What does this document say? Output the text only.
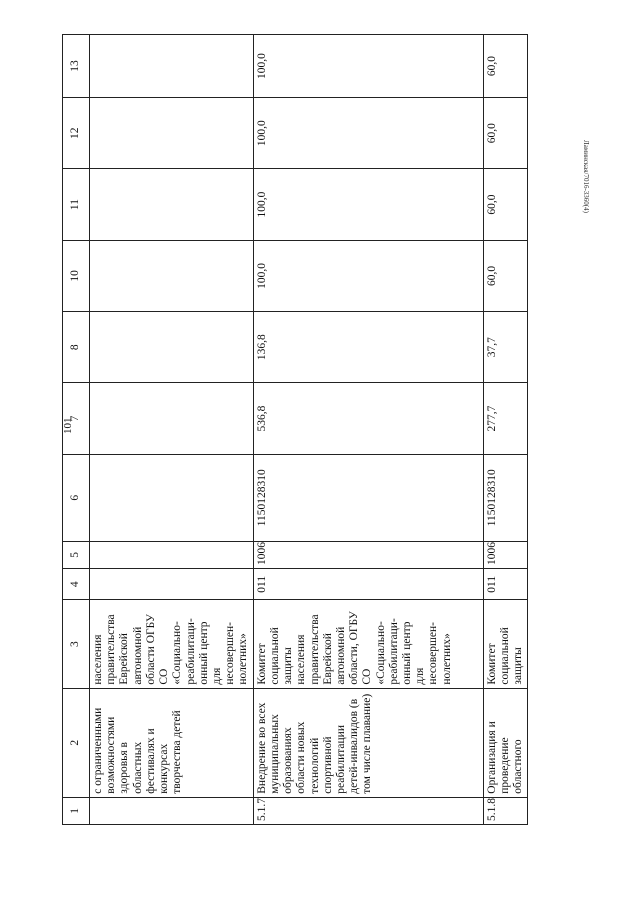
101
Ламинская/7016-3360(4)
1	2	3	4	5	6	7	8	10	11	12	13
	с ограниченными возможностями здоровья в областных фестивалях и конкурсах творчества детей	населения правительства Еврейской автономной области ОГБУ СО «Социально-реабилитаци-онный центр для несовершен-нолетних»									
5.1.7	Внедрение во всех муниципальных образованиях области новых технологий спортивной реабилитации детей-инвалидов (в том числе плавание)	Комитет социальной защиты населения правительства Еврейской автономной области, ОГБУ СО «Социально-реабилитаци-онный центр для несовершен-нолетних»	011	1006	1150128310	536,8	136,8	100,0	100,0	100,0	100,0
5.1.8	Организация и проведение областного	Комитет социальной защиты	011	1006	1150128310	277,7	37,7	60,0	60,0	60,0	60,0
